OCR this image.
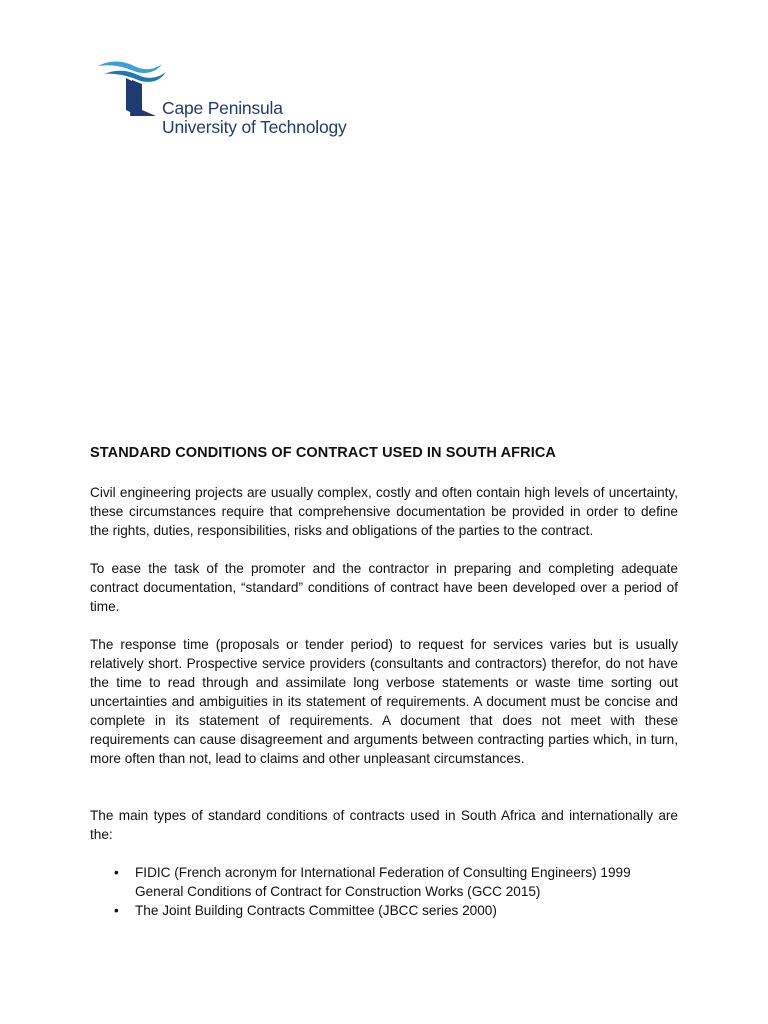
Cape Peninsula
University of Technology
STANDARD CONDITIONS OF CONTRACT USED IN SOUTH AFRICA

Civil engineering projects are usually complex, costly and often contain high levels of uncertainty, these circumstances require that comprehensive documentation be provided in order to define the rights, duties, responsibilities, risks and obligations of the parties to the contract.

To ease the task of the promoter and the contractor in preparing and completing adequate contract documentation, “standard” conditions of contract have been developed over a period of time.

The response time (proposals or tender period) to request for services varies but is usually relatively short. Prospective service providers (consultants and contractors) therefor, do not have the time to read through and assimilate long verbose statements or waste time sorting out uncertainties and ambiguities in its statement of requirements. A document must be concise and complete in its statement of requirements. A document that does not meet with these requirements can cause disagreement and arguments between contracting parties which, in turn, more often than not, lead to claims and other unpleasant circumstances.

The main types of standard conditions of contracts used in South Africa and internationally are the:

• FIDIC (French acronym for International Federation of Consulting Engineers) 1999 General Conditions of Contract for Construction Works (GCC 2015)
• The Joint Building Contracts Committee (JBCC series 2000)
